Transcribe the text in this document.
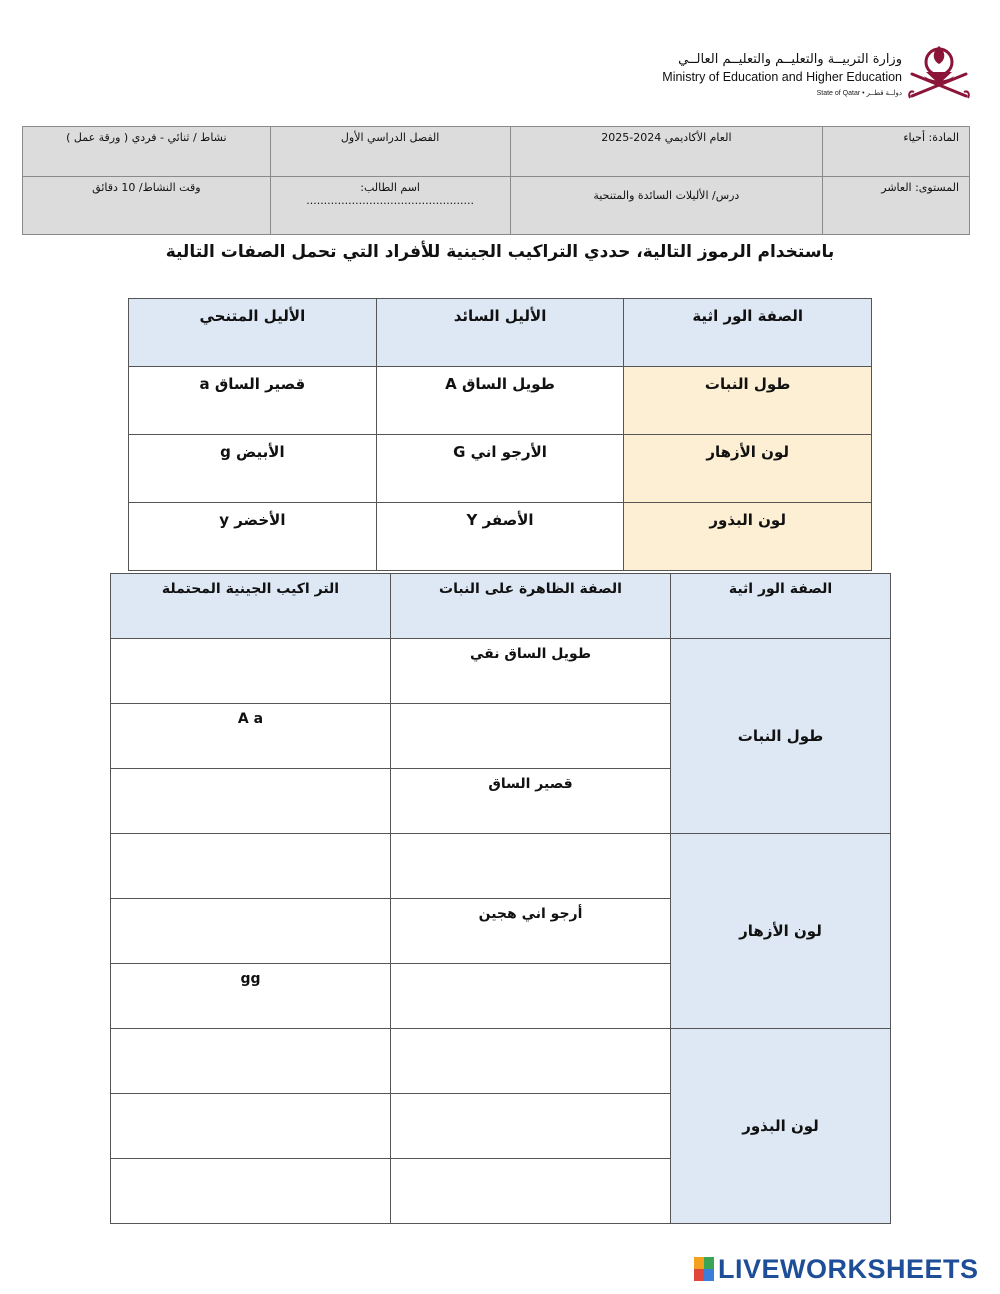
وزارة التربيــة والتعليــم والتعليــم العالــي
Ministry of Education and Higher Education
State of Qatar • دولــة قطــر
المادة: أحياء	العام الأكاديمي 2024-2025	الفصل الدراسي الأول	نشاط / ثنائي - فردي ( ورقة عمل )
المستوى: العاشر	درس/ الأليلات السائدة والمتنحية	اسم الطالب: ................................................	وقت النشاط/ 10 دقائق
باستخدام الرموز التالية، حددي التراكيب الجينية للأفراد التي تحمل الصفات التالية
الصفة الور اثية	الأليل السائد	الأليل المتنحي
طول النبات	طويل الساق A	قصير الساق a
لون الأزهار	الأرجو اني G	الأبيض g
لون البذور	الأصفر Y	الأخضر y
الصفة الور اثية	الصفة الظاهرة على النبات	التر اكيب الجينية المحتملة
طول النبات	طويل الساق نقي	
		A a
	قصير الساق	
لون الأزهار		
	أرجو اني هجين	
		gg
لون البذور		

LIVEWORKSHEETS
